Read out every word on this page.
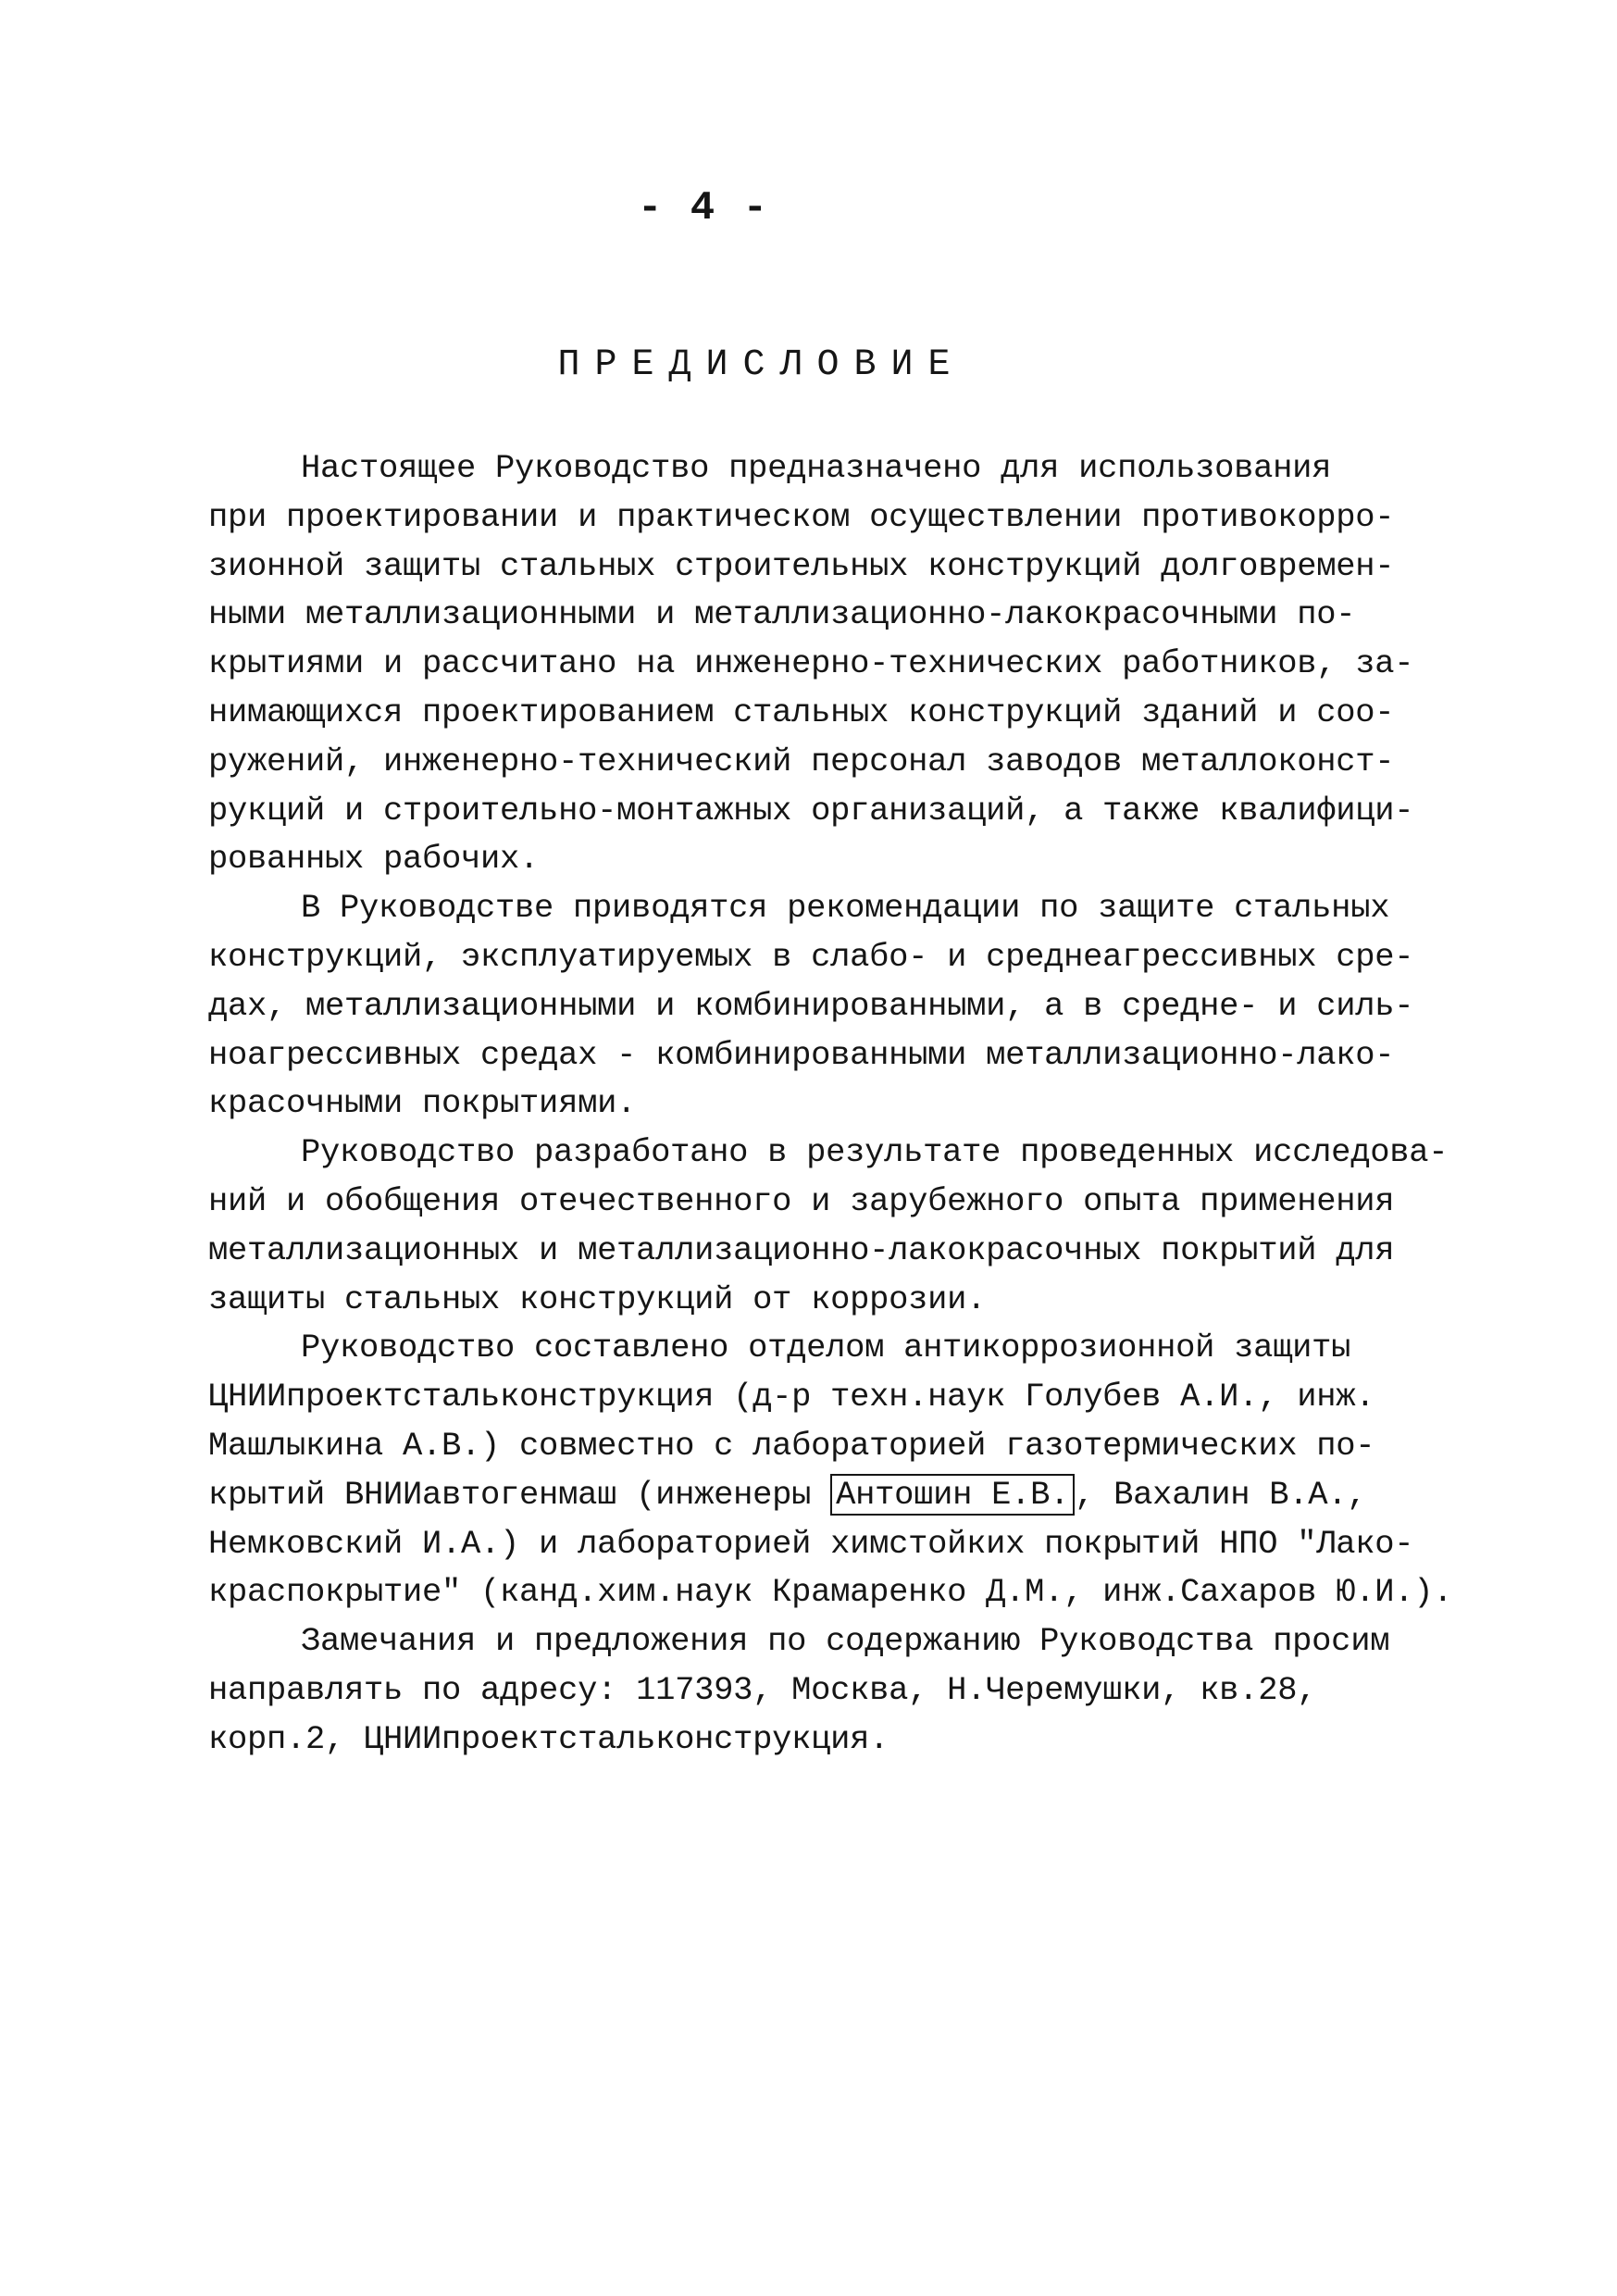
- 4 -
ПРЕДИСЛОВИЕ
Настоящее Руководство предназначено для использования
при проектировании и практическом осуществлении противокорро-
зионной защиты стальных строительных конструкций долговремен-
ными металлизационными и металлизационно-лакокрасочными по-
крытиями и рассчитано на инженерно-технических работников, за-
нимающихся проектированием стальных конструкций зданий и соо-
ружений, инженерно-технический персонал заводов металлоконст-
рукций и строительно-монтажных организаций, а также квалифици-
рованных рабочих.
В Руководстве приводятся рекомендации по защите стальных
конструкций, эксплуатируемых в слабо- и среднеагрессивных сре-
дах, металлизационными и комбинированными, а в средне- и силь-
ноагрессивных средах - комбинированными металлизационно-лако-
красочными покрытиями.
Руководство разработано в результате проведенных исследова-
ний и обобщения отечественного и зарубежного опыта применения
металлизационных и металлизационно-лакокрасочных покрытий для
защиты стальных конструкций от коррозии.
Руководство составлено отделом антикоррозионной защиты
ЦНИИпроектстальконструкция (д-р техн.наук Голубев А.И., инж.
Машлыкина А.В.) совместно с лабораторией газотермических по-
крытий ВНИИавтогенмаш (инженеры Антошин Е.В. , Вахалин В.А.,
Немковский И.А.) и лабораторией химстойких покрытий НПО "Лако-
краспокрытие" (канд.хим.наук Крамаренко Д.М., инж.Сахаров Ю.И.).
Замечания и предложения по содержанию Руководства просим
направлять по адресу: 117393, Москва, Н.Черемушки, кв.28,
корп.2, ЦНИИпроектстальконструкция.
